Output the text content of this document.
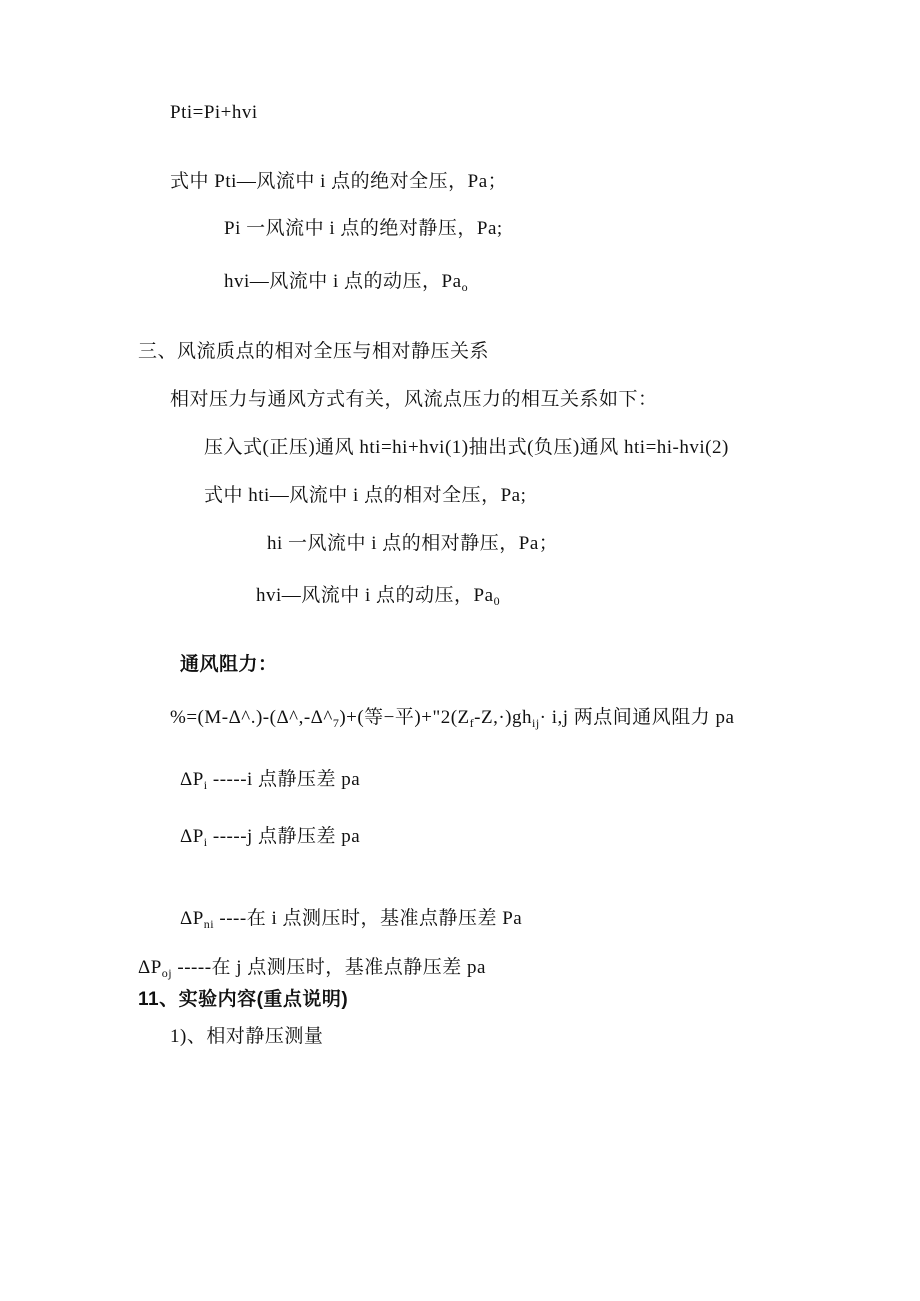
Pti=Pi+hvi
式中 Pti—风流中 i 点的绝对全压，Pa；
Pi 一风流中 i 点的绝对静压，Pa;
hvi—风流中 i 点的动压，$Pa_o$
三、风流质点的相对全压与相对静压关系
相对压力与通风方式有关，风流点压力的相互关系如下：
压入式(正压)通风 hti=hi+hvi(1)抽出式(负压)通风 hti=hi-hvi(2)
式中 hti—风流中 i 点的相对全压，Pa;
hi 一风流中 i 点的相对静压，Pa；
hvi—风流中 i 点的动压，$Pa_0$
通风阻力：
$\%=(M-\Delta\^{}.)-(\Delta\^{},-\Delta\^{}_7)+$(等−平)$+"2(Z_f-Z,\cdot)gh_{ij}\cdot i,j$ 两点间通风阻力 pa
$\Delta P_i$ -----i 点静压差 pa
$\Delta P_i$ -----j 点静压差 pa
$\Delta P_{ni}$ ----在 i 点测压时，基准点静压差 Pa
$\Delta P_{oj}$ -----在 j 点测压时，基准点静压差 pa
11、实验内容(重点说明)
1)、相对静压测量
